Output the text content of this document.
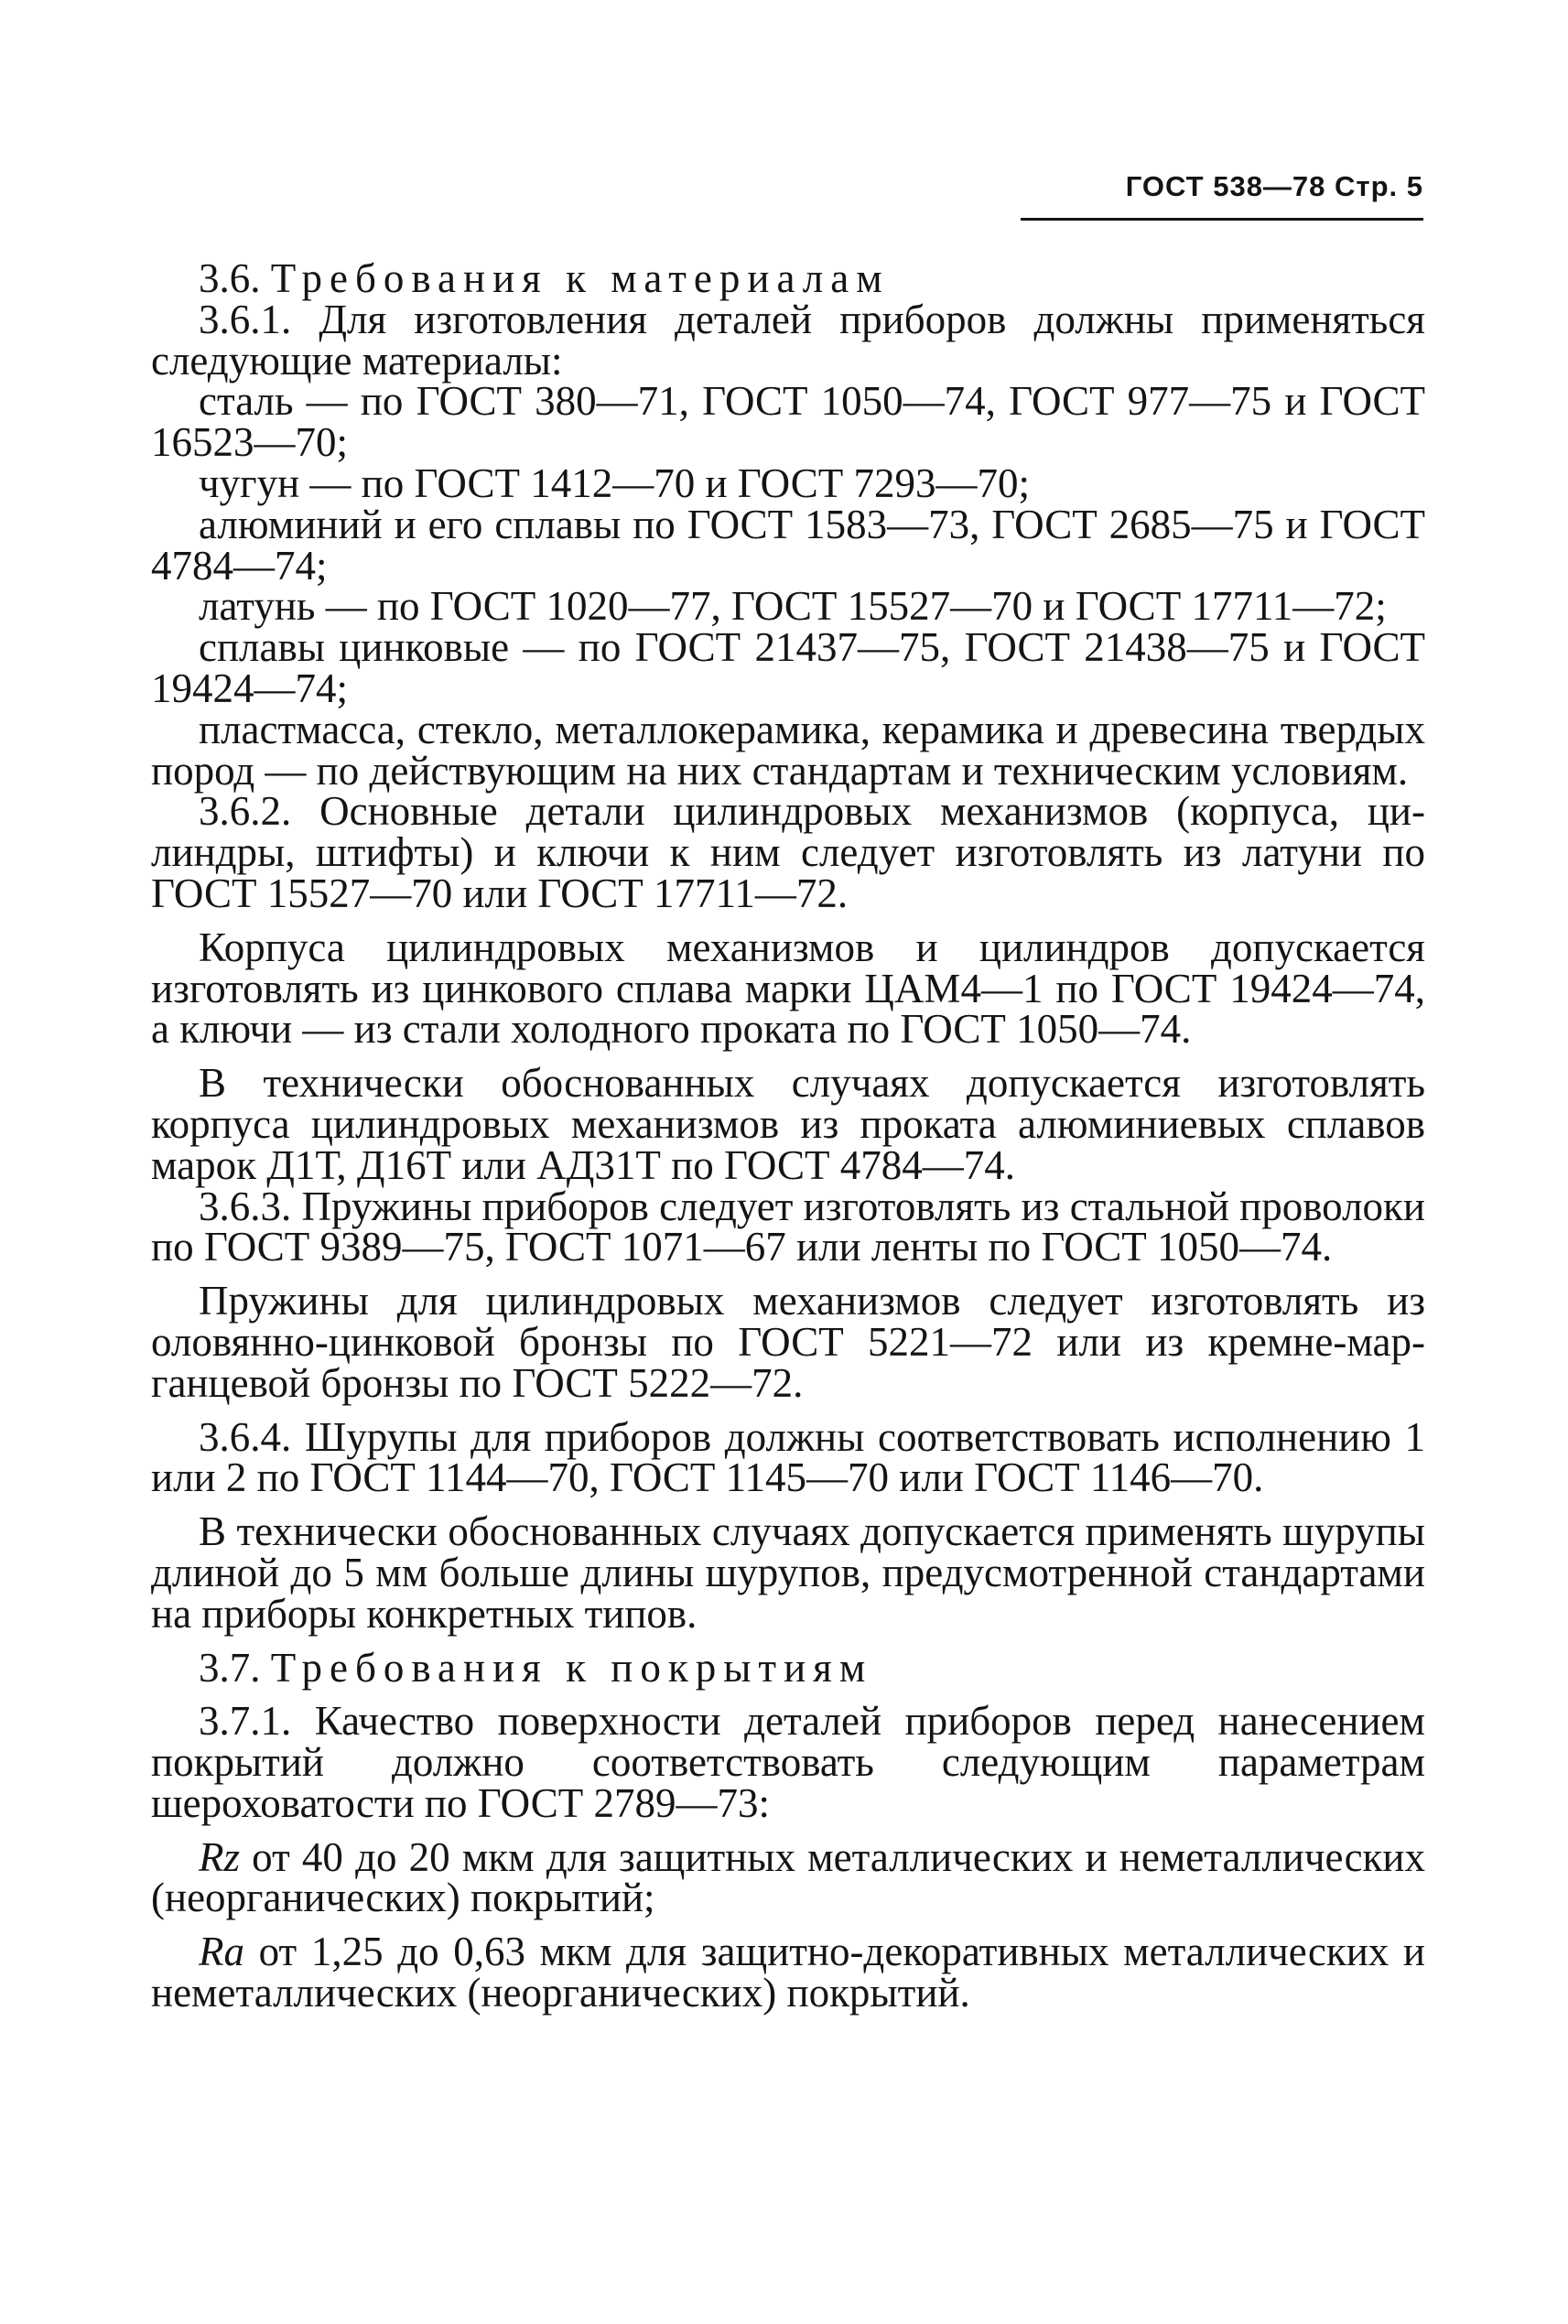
ГОСТ 538—78 Стр. 5

3.6. Требования к материалам

3.6.1. Для изготовления деталей приборов должны применяться следующие материалы:

сталь — по ГОСТ 380—71, ГОСТ 1050—74, ГОСТ 977—75 и ГОСТ 16523—70;

чугун — по ГОСТ 1412—70 и ГОСТ 7293—70;

алюминий и его сплавы по ГОСТ 1583—73, ГОСТ 2685—75 и ГОСТ 4784—74;

латунь — по ГОСТ 1020—77, ГОСТ 15527—70 и ГОСТ 17711—72;

сплавы цинковые — по ГОСТ 21437—75, ГОСТ 21438—75 и ГОСТ 19424—74;

пластмасса, стекло, металлокерамика, керамика и древесина твердых пород — по действующим на них стандартам и техническим условиям.

3.6.2. Основные детали цилиндровых механизмов (корпуса, цилиндры, штифты) и ключи к ним следует изготовлять из латуни по ГОСТ 15527—70 или ГОСТ 17711—72.

Корпуса цилиндровых механизмов и цилиндров допускается изготовлять из цинкового сплава марки ЦАМ4—1 по ГОСТ 19424—74, а ключи — из стали холодного проката по ГОСТ 1050—74.

В технически обоснованных случаях допускается изготовлять корпуса цилиндровых механизмов из проката алюминиевых сплавов марок Д1Т, Д16Т или АД31Т по ГОСТ 4784—74.

3.6.3. Пружины приборов следует изготовлять из стальной проволоки по ГОСТ 9389—75, ГОСТ 1071—67 или ленты по ГОСТ 1050—74.

Пружины для цилиндровых механизмов следует изготовлять из оловянно-цинковой бронзы по ГОСТ 5221—72 или из кремне-марганцевой бронзы по ГОСТ 5222—72.

3.6.4. Шурупы для приборов должны соответствовать исполнению 1 или 2 по ГОСТ 1144—70, ГОСТ 1145—70 или ГОСТ 1146—70.

В технически обоснованных случаях допускается применять шурупы длиной до 5 мм больше длины шурупов, предусмотренной стандартами на приборы конкретных типов.

3.7. Требования к покрытиям

3.7.1. Качество поверхности деталей приборов перед нанесением покрытий должно соответствовать следующим параметрам шероховатости по ГОСТ 2789—73:

Rz от 40 до 20 мкм для защитных металлических и неметаллических (неорганических) покрытий;

Ra от 1,25 до 0,63 мкм для защитно-декоративных металлических и неметаллических (неорганических) покрытий.
